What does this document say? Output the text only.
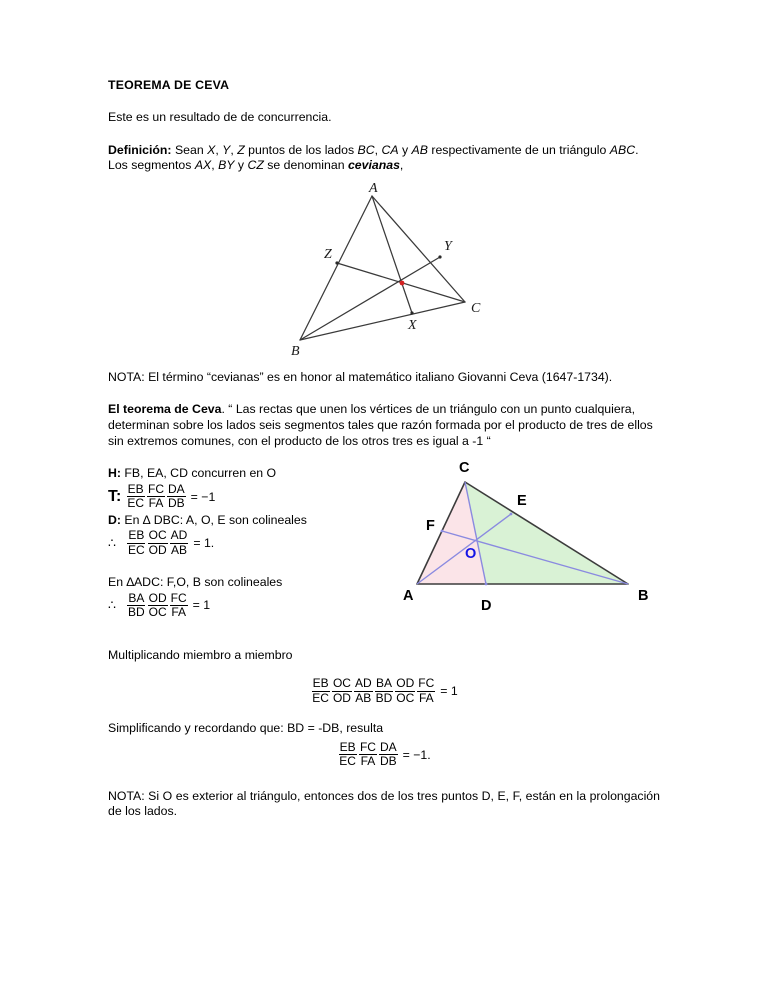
TEOREMA DE CEVA
Este es un resultado de de concurrencia.
Definición: Sean X, Y, Z puntos de los lados BC, CA y AB respectivamente de un triángulo ABC. Los segmentos AX, BY y CZ se denominan cevianas,
A
B
C
X
Y
Z
NOTA: El término “cevianas” es en honor al matemático italiano Giovanni Ceva (1647-1734).
El teorema de Ceva. “ Las rectas que unen los vértices de un triángulo con un punto cualquiera, determinan sobre los lados seis segmentos tales que razón formada por el producto de tres de ellos sin extremos comunes, con el producto de los otros tres es igual a -1 “
A	B
C
D
E
F
O
H: FB, EA, CD concurren en O
T: $\frac{EB}{EC} \frac{FC}{FA} \frac{DA}{DB} = -1$
D: En ∆ DBC: A, O, E son colineales
∴ $\frac{EB}{EC} \frac{OC}{OD} \frac{AD}{AB} = 1$.
En ∆ADC: F,O, B son colineales
∴ $\frac{BA}{BD} \frac{OD}{OC} \frac{FC}{FA} = 1$
Multiplicando miembro a miembro
$\frac{EB}{EC} \frac{OC}{OD} \frac{AD}{AB} \frac{BA}{BD} \frac{OD}{OC} \frac{FC}{FA} = 1$
Simplificando y recordando que: BD = -DB, resulta
$\frac{EB}{EC} \frac{FC}{FA} \frac{DA}{DB} = -1$.
NOTA: Si O es exterior al triángulo, entonces dos de los tres puntos D, E, F, están en la prolongación de los lados.
